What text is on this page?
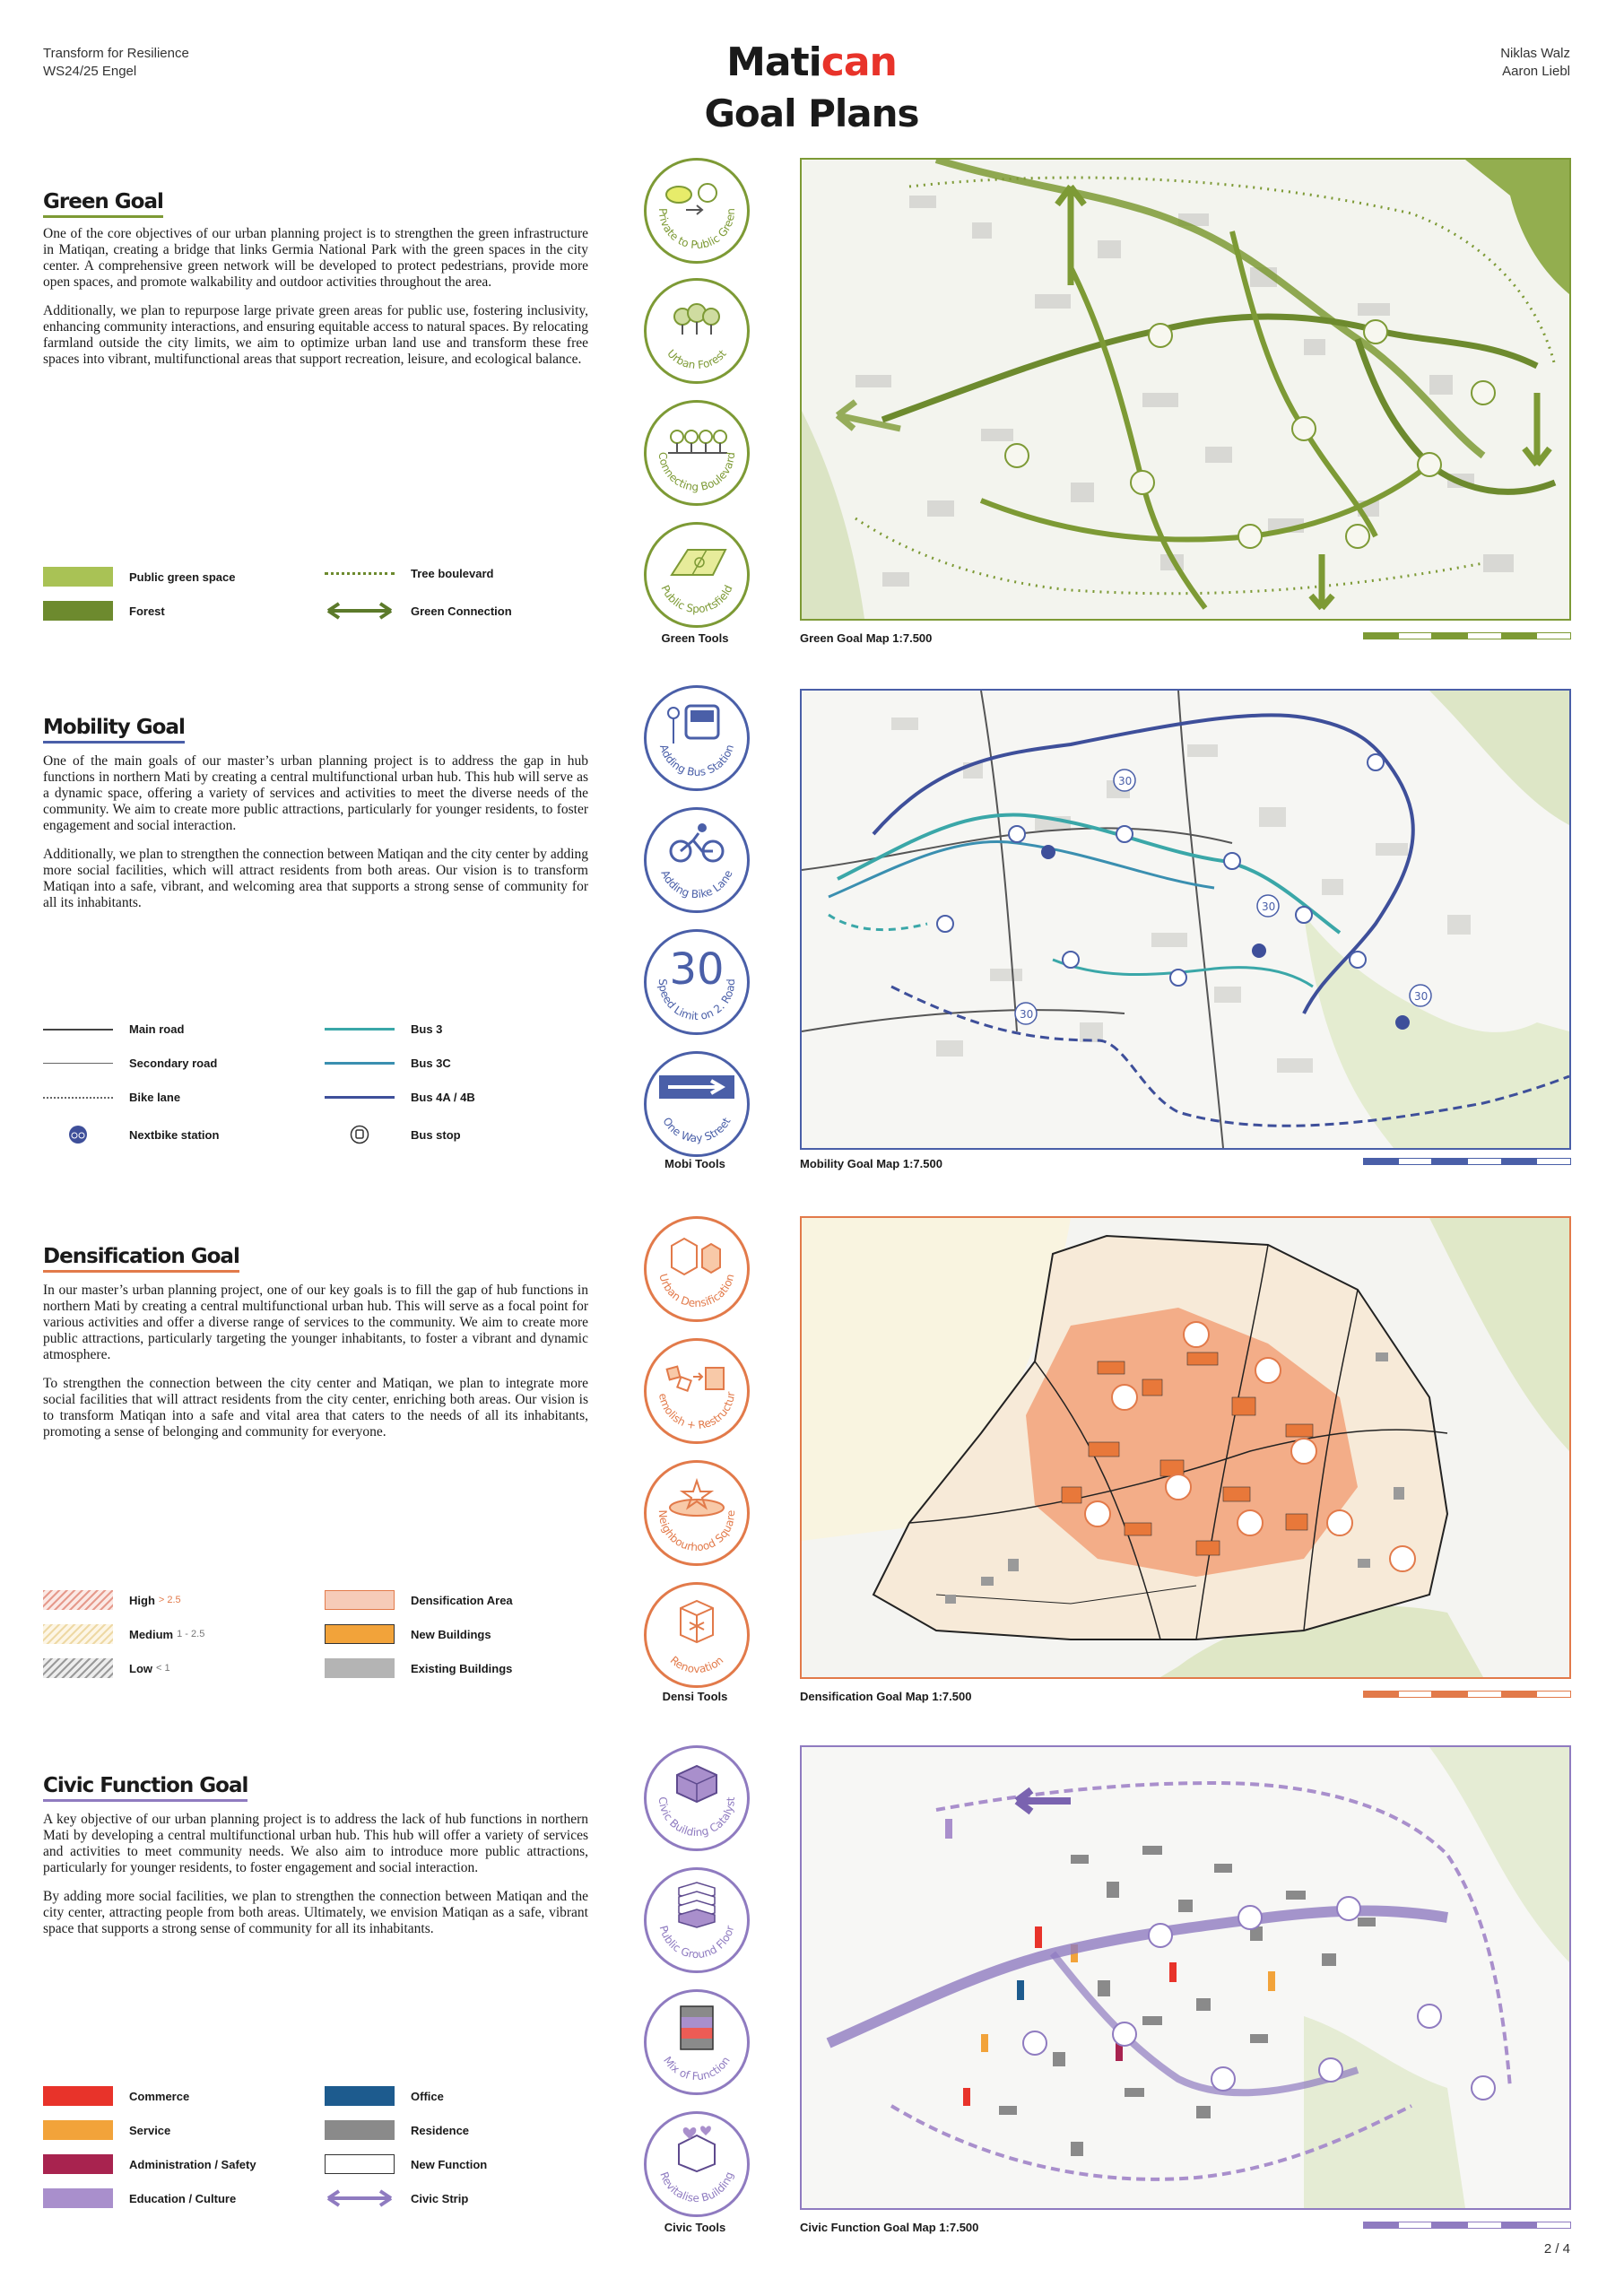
Transform for Resilience
WS24/25 Engel	Matican
Goal Plans
Niklas Walz
Aaron Liebl
Green Goal

One of the core objectives of our urban planning project is to strengthen the green infrastructure in Matiqan, creating a bridge that links Germia National Park with the green spaces in the city center. A comprehensive green network will be developed to protect pedestrians, provide more open spaces, and promote walkability and outdoor activities throughout the area.

Additionally, we plan to repurpose large private green areas for public use, fostering inclusivity, enhancing community interactions, and ensuring equitable access to natural spaces. By relocating farmland outside the city limits, we aim to optimize urban land use and transform these free spaces into vibrant, multifunctional areas that support recreation, leisure, and ecological balance.

Public green space
Forest
Tree boulevard
Green Connection
Private to Public Green
Urban Forest
Connecting Boulevard
Public Sportsfield
Green Tools	Green Goal Map 1:7.500
Mobility Goal

One of the main goals of our master’s urban planning project is to address the gap in hub functions in northern Mati by creating a central multifunctional urban hub. This hub will serve as a dynamic space, offering a variety of services and activities to meet the diverse needs of the community. We aim to create more public attractions, particularly for younger residents, to foster engagement and social interaction.

Additionally, we plan to strengthen the connection between Matiqan and the city center by adding more social facilities, which will attract residents from both areas. Our vision is to transform Matiqan into a safe, vibrant, and welcoming area that supports a strong sense of community for all its inhabitants.

Main road
Secondary road
Bike lane
Nextbike station
Bus 3
Bus 3C
Bus 4A / 4B
Bus stop
Adding Bus Station
Adding Bike Lane
30
Speed Limit on 2. Road
One Way Street
Mobi Tools
30
30
30
30
Mobility Goal Map 1:7.500
Densification Goal

In our master’s urban planning project, one of our key goals is to fill the gap of hub functions in northern Mati by creating a central multifunctional urban hub. This will serve as a focal point for various activities and offer a diverse range of services to the community. We aim to create more public attractions, particularly targeting the younger inhabitants, to foster a vibrant and dynamic atmosphere.

To strengthen the connection between the city center and Matiqan, we plan to integrate more social facilities that will attract residents from the city center, enriching both areas. Our vision is to transform Matiqan into a safe and vital area that caters to the needs of all its inhabitants, promoting a sense of belonging and community for everyone.

High > 2.5
Medium 1 - 2.5
Low < 1
Densification Area
New Buildings
Existing Buildings
Urban Densification
emolish + Restructur
Neighbourhood Square
Renovation
Densi Tools	Densification Goal Map 1:7.500
Civic Function Goal

A key objective of our urban planning project is to address the lack of hub functions in northern Mati by developing a central multifunctional urban hub. This hub will offer a variety of services and activities to meet community needs. We also aim to introduce more public attractions, particularly for younger residents, to foster engagement and social interaction.

By adding more social facilities, we plan to strengthen the connection between Matiqan and the city center, attracting people from both areas. Ultimately, we envision Matiqan as a safe, vibrant space that supports a strong sense of community for all its inhabitants.

Commerce
Service
Administration / Safety
Education / Culture
Office
Residence
New Function
Civic Strip
Civic Building Catalyst
Public Ground Floor
Mix of Function
Revitalise Building
Civic Tools	Civic Function Goal Map 1:7.500
2 / 4
